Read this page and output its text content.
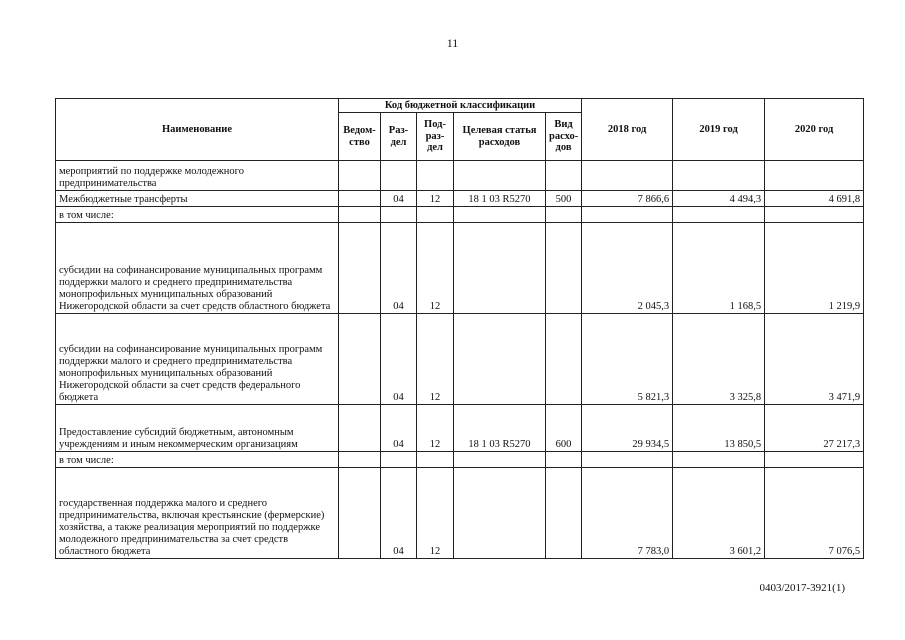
11
Наименование	Код бюджетной классификации					2018 год	2019 год	2020 год
	Ведом-ство	Раз-дел	Под-раз-дел	Целевая статья расходов	Вид расхо-дов			
мероприятий по поддержке молодежного предпринимательства								
Межбюджетные трансферты		04	12	18 1 03 R5270	500	7 866,6	4 494,3	4 691,8
в том числе:								
субсидии на софинансирование муниципальных программ поддержки малого и среднего предпринимательства монопрофильных муниципальных образований Нижегородской области за счет средств областного бюджета		04	12			2 045,3	1 168,5	1 219,9
субсидии на софинансирование муниципальных программ поддержки малого и среднего предпринимательства монопрофильных муниципальных образований Нижегородской области за счет средств федерального бюджета		04	12			5 821,3	3 325,8	3 471,9
Предоставление субсидий бюджетным, автономным учреждениям и иным некоммерческим организациям		04	12	18 1 03 R5270	600	29 934,5	13 850,5	27 217,3
в том числе:								
государственная поддержка малого и среднего предпринимательства, включая крестьянские (фермерские) хозяйства, а также реализация мероприятий по поддержке молодежного предпринимательства за счет средств областного бюджета		04	12			7 783,0	3 601,2	7 076,5
0403/2017-3921(1)
